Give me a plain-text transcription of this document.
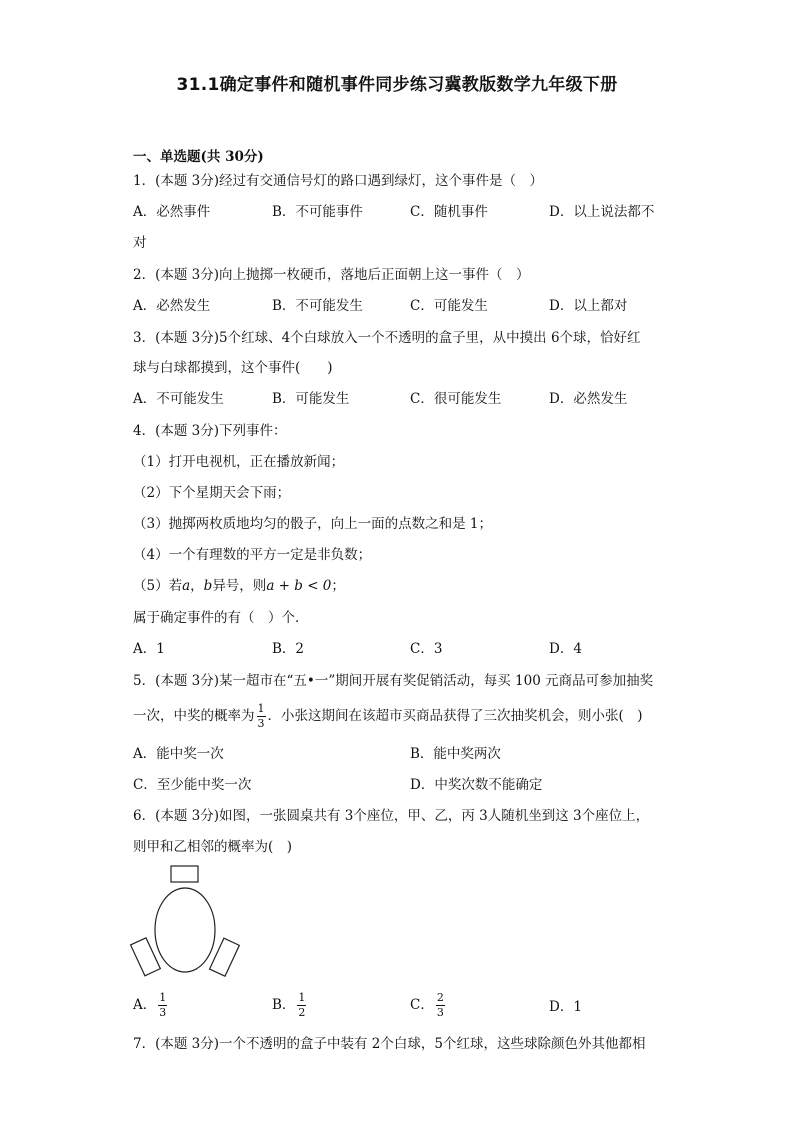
31.1确定事件和随机事件同步练习冀教版数学九年级下册
一、单选题(共 30分)
1．(本题 3分)经过有交通信号灯的路口遇到绿灯，这个事件是（　）
A．必然事件	B．不可能事件	C．随机事件	D．以上说法都不
对
2．(本题 3分)向上抛掷一枚硬币，落地后正面朝上这一事件（　）
A．必然发生	B．不可能发生	C．可能发生	D．以上都对
3．(本题 3分)5个红球、4个白球放入一个不透明的盒子里，从中摸出 6个球，恰好红
球与白球都摸到，这个事件(　　)
A．不可能发生	B．可能发生	C．很可能发生	D．必然发生
4．(本题 3分)下列事件：
（1）打开电视机，正在播放新闻；
（2）下个星期天会下雨；
（3）抛掷两枚质地均匀的骰子，向上一面的点数之和是 1；
（4）一个有理数的平方一定是非负数；
（5）若a，b异号，则a + b < 0；
属于确定事件的有（　）个．
A．1	B．2	C．3	D．4
5．(本题 3分)某一超市在“五•一”期间开展有奖促销活动，每买 100 元商品可参加抽奖
一次，中奖的概率为 $\frac{1}{3}$ ．小张这期间在该超市买商品获得了三次抽奖机会，则小张(　)
A．能中奖一次	B．能中奖两次
C．至少能中奖一次	D．中奖次数不能确定
6．(本题 3分)如图，一张圆桌共有 3个座位，甲、乙，丙 3人随机坐到这 3个座位上，
则甲和乙相邻的概率为(　)
A． $\frac{1}{3}$	B． $\frac{1}{2}$	C． $\frac{2}{3}$	D．1
7．(本题 3分)一个不透明的盒子中装有 2个白球，5个红球，这些球除颜色外其他都相
